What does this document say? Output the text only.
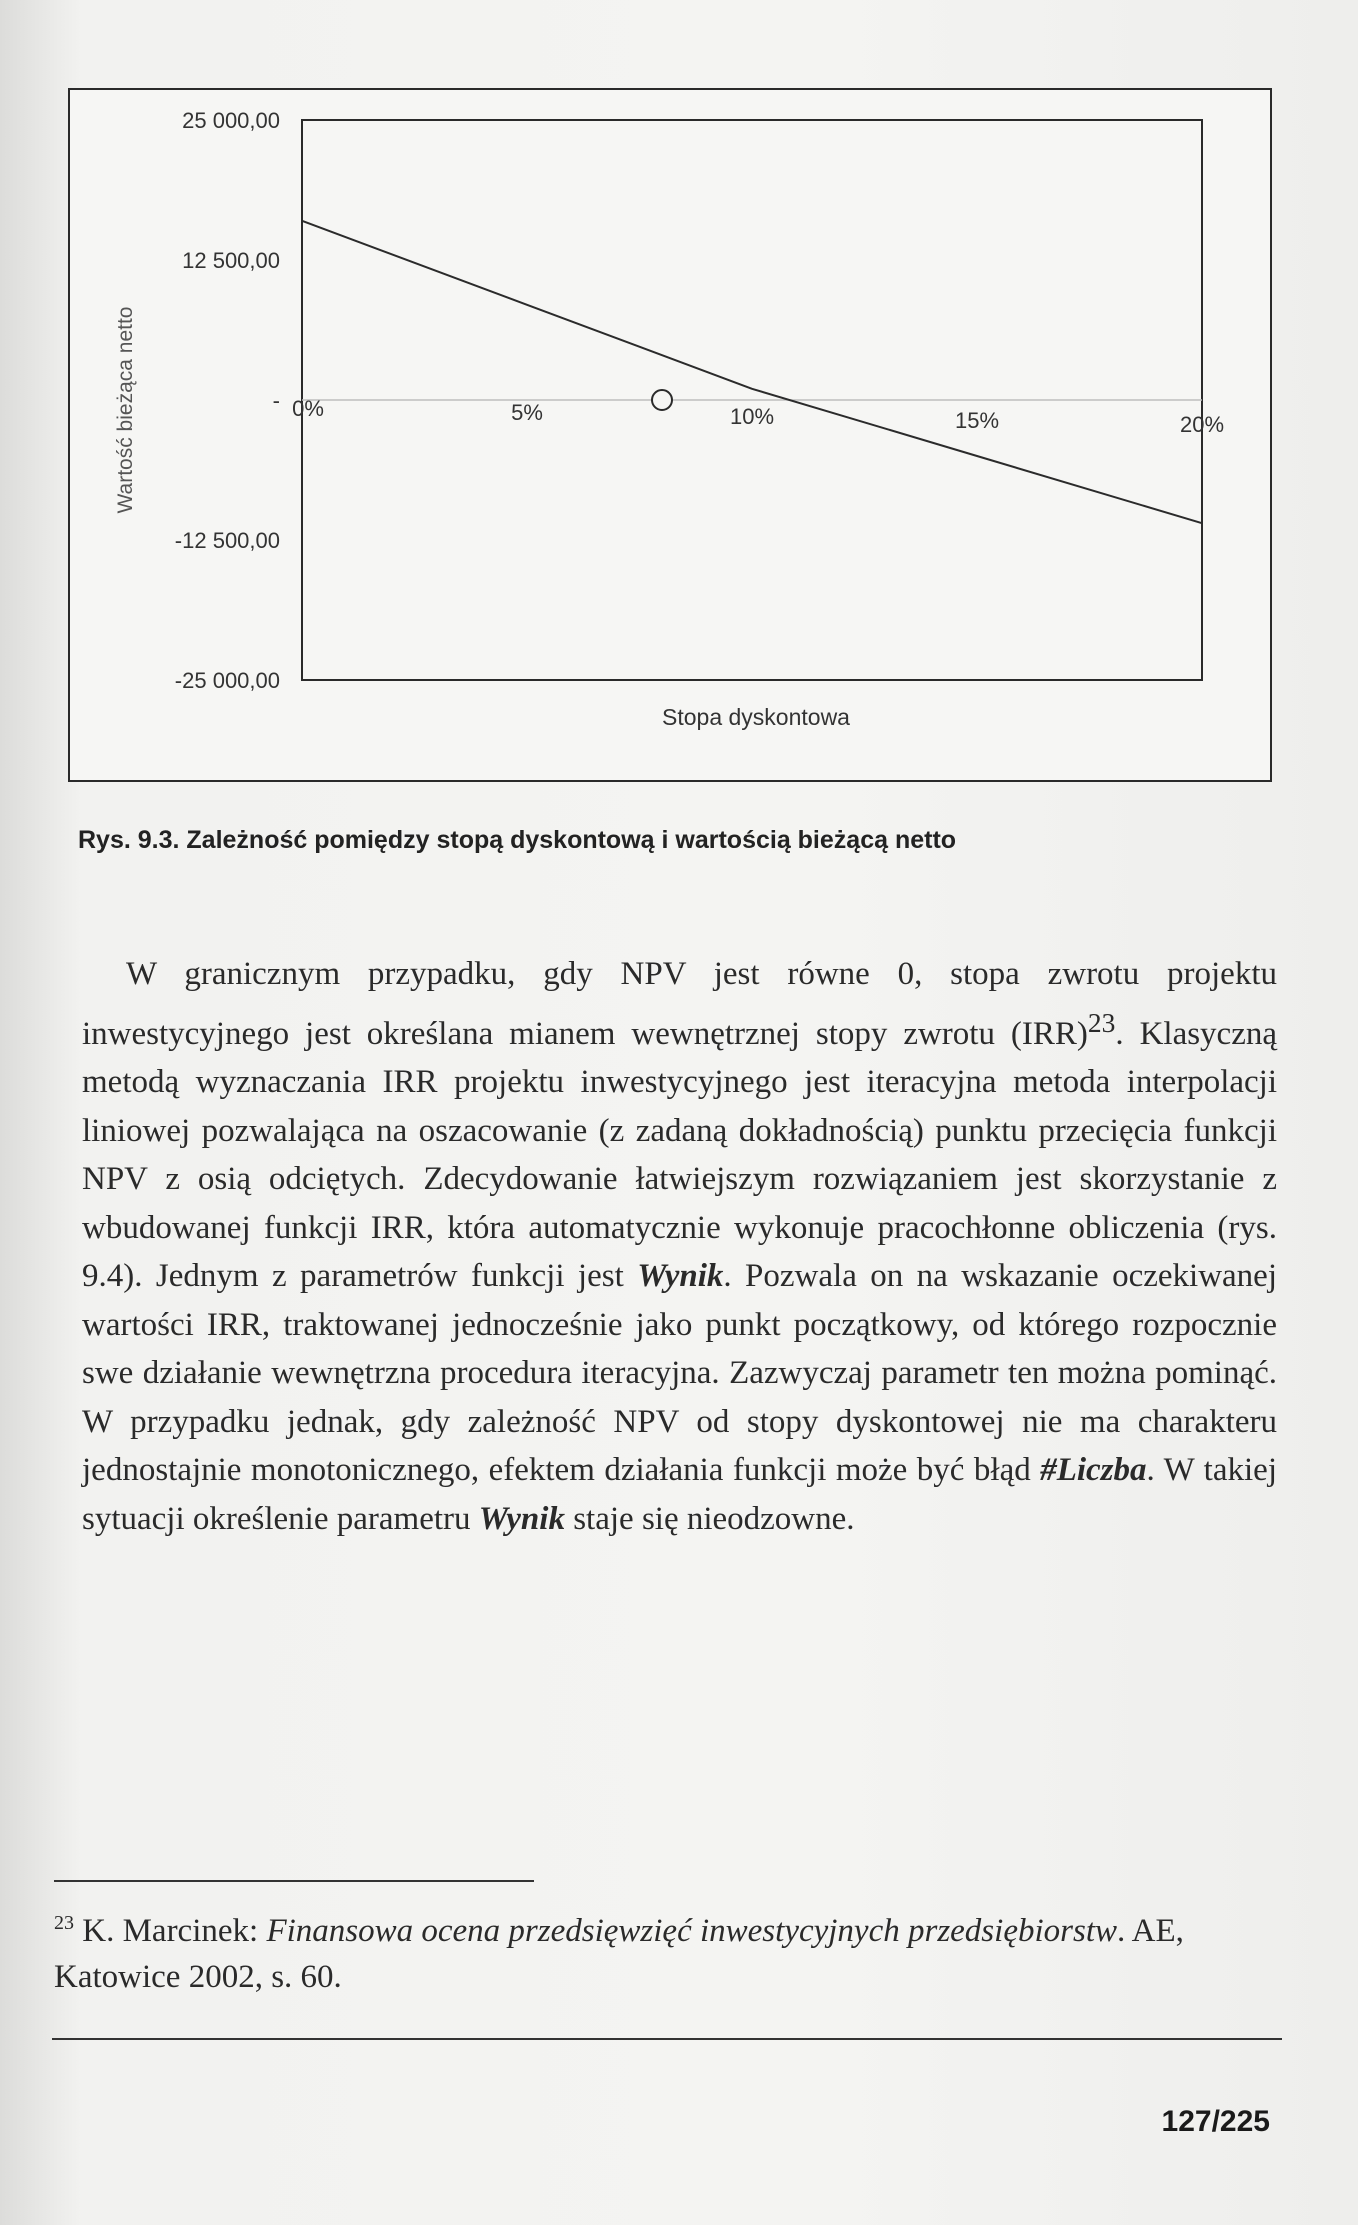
Wartość bieżąca netto
Stopa dyskontowa
25 000,00
12 500,00
-
-12 500,00
-25 000,00
0%	5%	10%	15%	20%
Rys. 9.3. Zależność pomiędzy stopą dyskontową i wartością bieżącą netto

W granicznym przypadku, gdy NPV jest równe 0, stopa zwrotu projektu inwestycyjnego jest określana mianem wewnętrznej stopy zwrotu (IRR)$^{23}$. Klasyczną metodą wyznaczania IRR projektu inwestycyjnego jest iteracyjna metoda interpolacji liniowej pozwalająca na oszacowanie (z zadaną dokładnością) punktu przecięcia funkcji NPV z osią odciętych. Zdecydowanie łatwiejszym rozwiązaniem jest skorzystanie z wbudowanej funkcji IRR, która automatycznie wykonuje pracochłonne obliczenia (rys. 9.4). Jednym z parametrów funkcji jest Wynik. Pozwala on na wskazanie oczekiwanej wartości IRR, traktowanej jednocześnie jako punkt początkowy, od którego rozpocznie swe działanie wewnętrzna procedura iteracyjna. Zazwyczaj parametr ten można pominąć. W przypadku jednak, gdy zależność NPV od stopy dyskontowej nie ma charakteru jednostajnie monotonicznego, efektem działania funkcji może być błąd #Liczba. W takiej sytuacji określenie parametru Wynik staje się nieodzowne.

$^{23}$ K. Marcinek: Finansowa ocena przedsięwzięć inwestycyjnych przedsiębiorstw. AE, Katowice 2002, s. 60.
127/225
